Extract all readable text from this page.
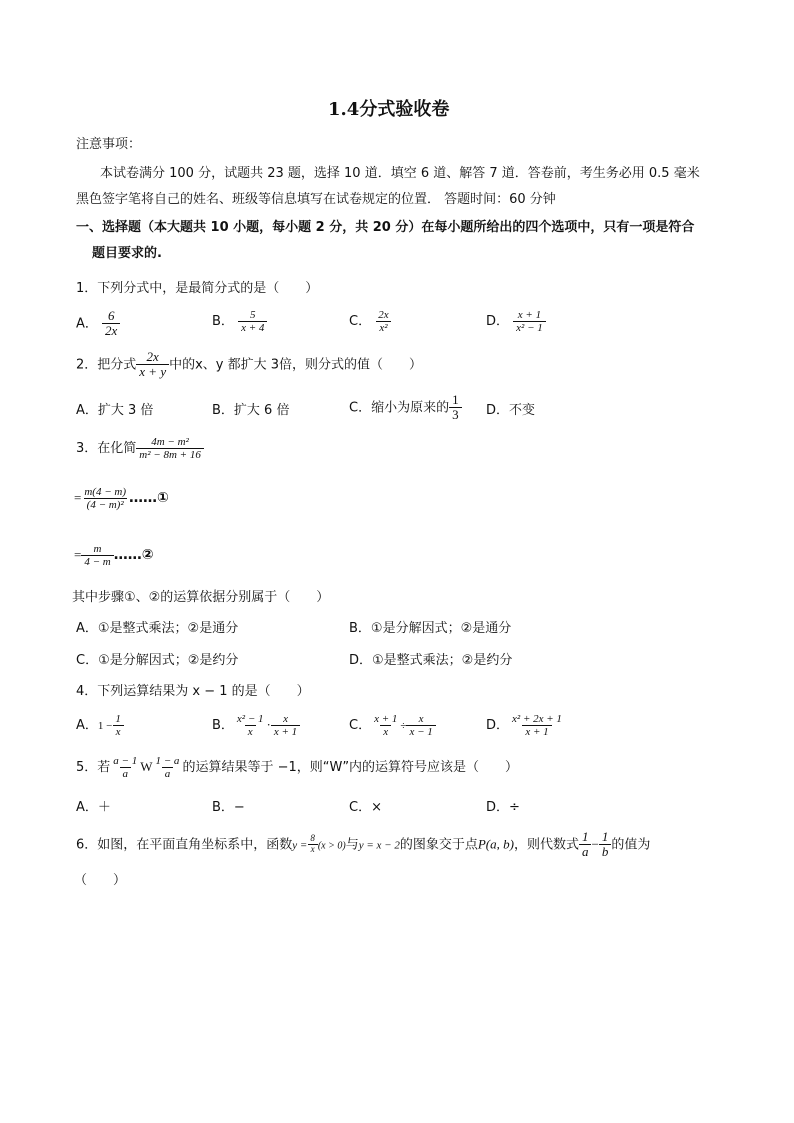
1.4分式验收卷
注意事项：
本试卷满分 100 分，试题共 23 题，选择 10 道．填空 6 道、解答 7 道．答卷前，考生务必用 0.5 毫米
黑色签字笔将自己的姓名、班级等信息填写在试卷规定的位置． 答题时间：60 分钟
一、选择题（本大题共 10 小题，每小题 2 分，共 20 分）在每小题所给出的四个选项中，只有一项是符合
题目要求的.
1．下列分式中，是最简分式的是（　　）
A． $\frac{6}{2x}$	B． $\frac{5}{x + 4}$	C． $\frac{2x}{\text{x²}}$	D． $\frac{x + 1}{\text{x² − 1}}$
2．把分式 $\frac{2x}{x + y}$ 中的x、y 都扩大 3倍，则分式的值（　　）
A．扩大 3 倍	B．扩大 6 倍	C．缩小为原来的 $\frac{1}{3}$ D．不变
3．在化简 $\frac{\text{4m − m²}}{\text{m² − 8m + 16}}$
= $\frac{m(4 - m)}{\text{(4 − m)²}}$ ……①
= $\frac{m}{4 - m}$ ……②
其中步骤①、②的运算依据分别属于（　　）
A．①是整式乘法；②是通分	B．①是分解因式；②是通分
C．①是分解因式；②是约分	D．①是整式乘法；②是约分
4．下列运算结果为 x − 1 的是（　　）
A．$1 - \frac{1}{x}$	B． $\frac{\text{x² − 1}}{x} \cdot \frac{x}{x + 1}$	C． $\frac{x + 1}{x} \div \frac{x}{x - 1}$	D． $\frac{\text{x² + 2x + 1}}{x + 1}$
5．若 $\frac{a - 1}{a}$ W $\frac{1 - a}{a}$ 的运算结果等于 −1，则“W”内的运算符号应该是（　　）
A．＋	B．−	C．×	D．÷
6．如图，在平面直角坐标系中，函数$y = \frac{8}{x} (x > 0)$与y = x − 2的图象交于点P(a, b)，则代数式 $\frac{1}{a} - \frac{1}{b}$ 的值为
（　　）
